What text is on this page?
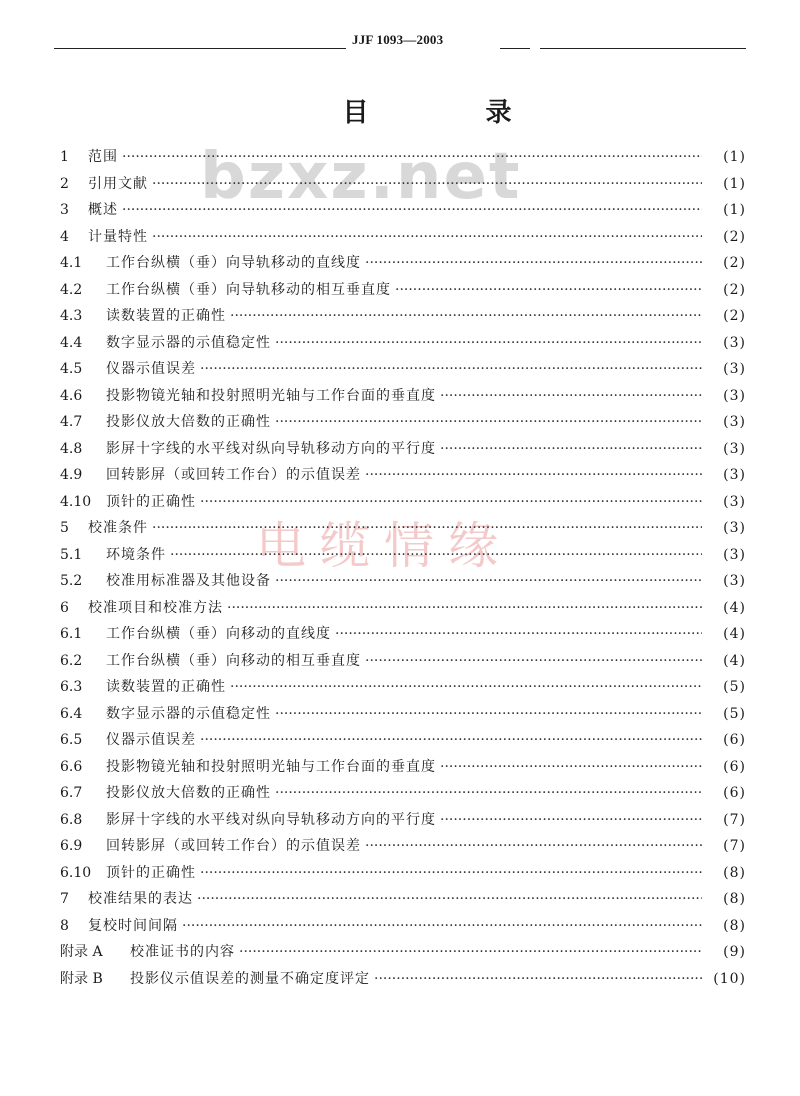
JJF 1093—2003
bzxz.net
电缆情缘
目 录
1	范围 ·····	(1)
2	引用文献 ·····	(1)
3	概述 ·····	(1)
4	计量特性 ·····	(2)
4.1	工作台纵横（垂）向导轨移动的直线度 ·····	(2)
4.2	工作台纵横（垂）向导轨移动的相互垂直度 ·····	(2)
4.3	读数装置的正确性 ·····	(2)
4.4	数字显示器的示值稳定性 ·····	(3)
4.5	仪器示值误差 ·····	(3)
4.6	投影物镜光轴和投射照明光轴与工作台面的垂直度 ·····	(3)
4.7	投影仪放大倍数的正确性 ·····	(3)
4.8	影屏十字线的水平线对纵向导轨移动方向的平行度 ·····	(3)
4.9	回转影屏（或回转工作台）的示值误差 ·····	(3)
4.10	顶针的正确性 ·····	(3)
5	校准条件 ·····	(3)
5.1	环境条件 ·····	(3)
5.2	校准用标准器及其他设备 ·····	(3)
6	校准项目和校准方法 ·····	(4)
6.1	工作台纵横（垂）向移动的直线度 ·····	(4)
6.2	工作台纵横（垂）向移动的相互垂直度 ·····	(4)
6.3	读数装置的正确性 ·····	(5)
6.4	数字显示器的示值稳定性 ·····	(5)
6.5	仪器示值误差 ·····	(6)
6.6	投影物镜光轴和投射照明光轴与工作台面的垂直度 ·····	(6)
6.7	投影仪放大倍数的正确性 ·····	(6)
6.8	影屏十字线的水平线对纵向导轨移动方向的平行度 ·····	(7)
6.9	回转影屏（或回转工作台）的示值误差 ·····	(7)
6.10	顶针的正确性 ·····	(8)
7	校准结果的表达 ·····	(8)
8	复校时间间隔 ·····	(8)
附录 A	校准证书的内容 ·····	(9)
附录 B	投影仪示值误差的测量不确定度评定 ·····	(10)
